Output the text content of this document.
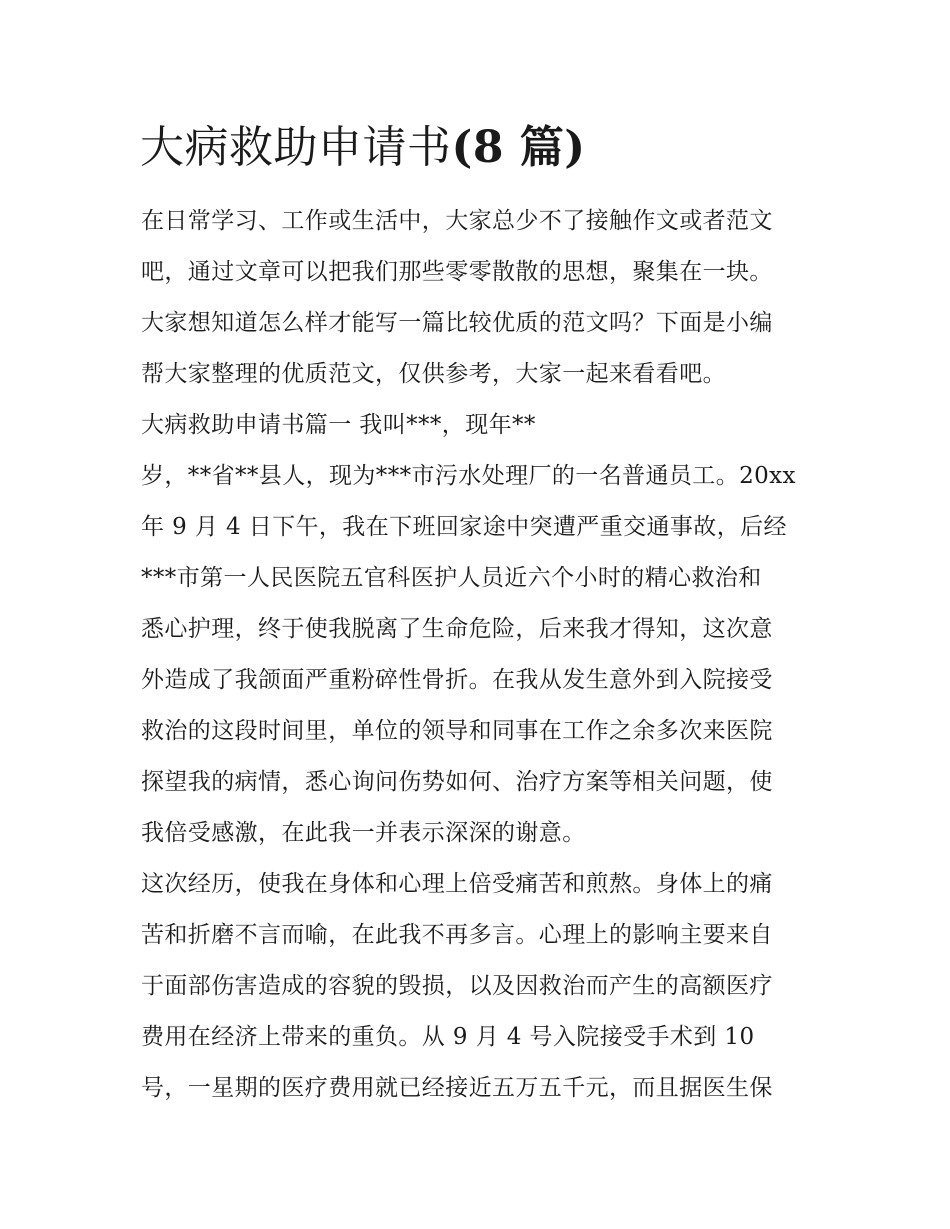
大病救助申请书(8 篇)
在日常学习、工作或生活中，大家总少不了接触作文或者范文
吧，通过文章可以把我们那些零零散散的思想，聚集在一块。
大家想知道怎么样才能写一篇比较优质的范文吗？下面是小编
帮大家整理的优质范文，仅供参考，大家一起来看看吧。
大病救助申请书篇一 我叫***，现年**
岁，**省**县人，现为***市污水处理厂的一名普通员工。20xx
年 9 月 4 日下午，我在下班回家途中突遭严重交通事故，后经
***市第一人民医院五官科医护人员近六个小时的精心救治和
悉心护理，终于使我脱离了生命危险，后来我才得知，这次意
外造成了我颌面严重粉碎性骨折。在我从发生意外到入院接受
救治的这段时间里，单位的领导和同事在工作之余多次来医院
探望我的病情，悉心询问伤势如何、治疗方案等相关问题，使
我倍受感激，在此我一并表示深深的谢意。
这次经历，使我在身体和心理上倍受痛苦和煎熬。身体上的痛
苦和折磨不言而喻，在此我不再多言。心理上的影响主要来自
于面部伤害造成的容貌的毁损，以及因救治而产生的高额医疗
费用在经济上带来的重负。从 9 月 4 号入院接受手术到 10
号，一星期的医疗费用就已经接近五万五千元，而且据医生保
